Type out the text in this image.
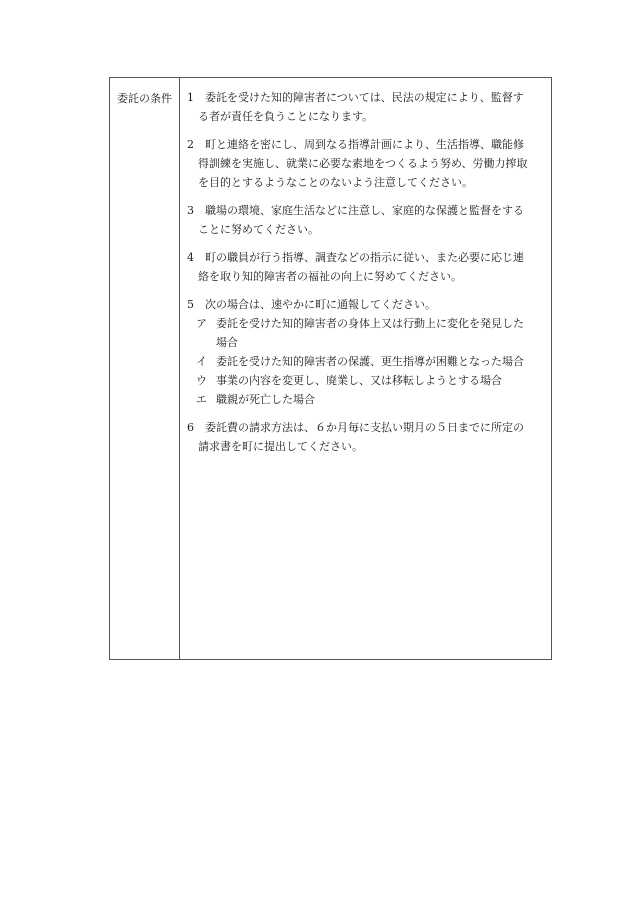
委託の条件	1	委託を受けた知的障害者については、民法の規定により、監督す
る者が責任を負うことになります。
2	町と連絡を密にし、周到なる指導計画により、生活指導、職能修
得訓練を実施し、就業に必要な素地をつくるよう努め、労働力搾取
を目的とするようなことのないよう注意してください。
3	職場の環境、家庭生活などに注意し、家庭的な保護と監督をする
ことに努めてください。
4	町の職員が行う指導、調査などの指示に従い、また必要に応じ連
絡を取り知的障害者の福祉の向上に努めてください。
5	次の場合は、速やかに町に通報してください。
ア 委託を受けた知的障害者の身体上又は行動上に変化を発見した
場合
イ 委託を受けた知的障害者の保護、更生指導が困難となった場合
ウ 事業の内容を変更し、廃業し、又は移転しようとする場合
エ 職親が死亡した場合
6	委託費の請求方法は、６か月毎に支払い期月の５日までに所定の
請求書を町に提出してください。
